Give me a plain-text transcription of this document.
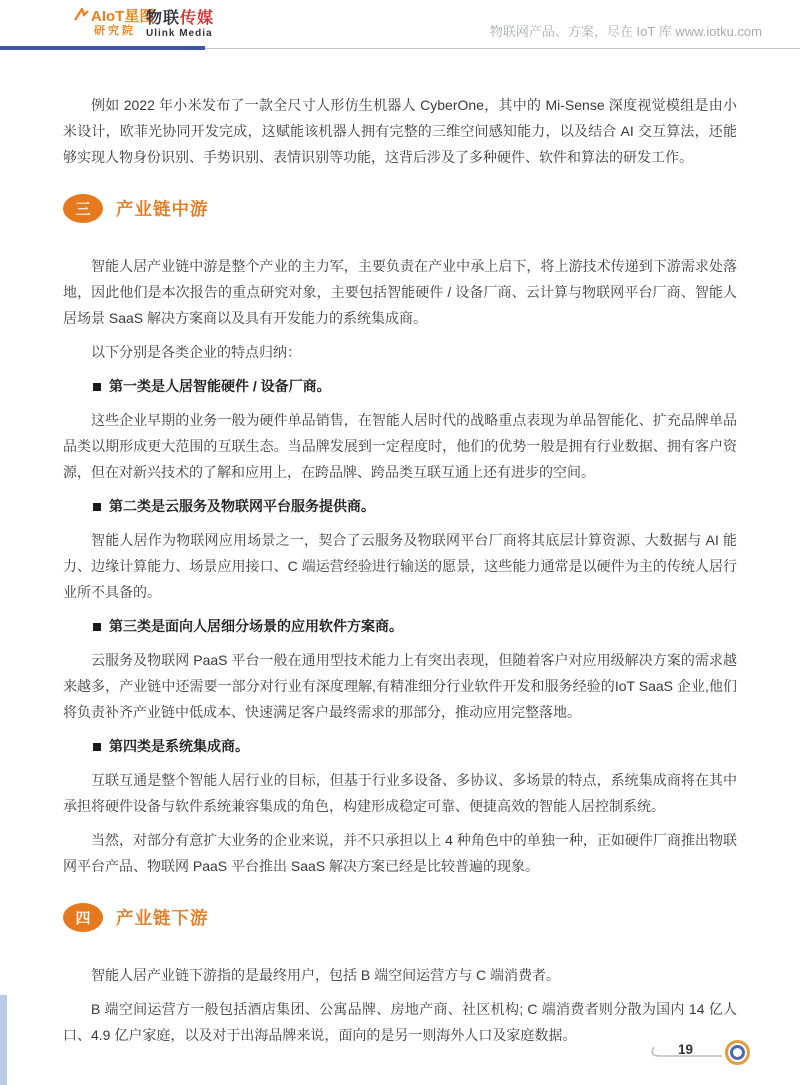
AIoT星图
研究院
物联传媒
Ulink Media	物联网产品、方案，尽在 IoT 库 www.iotku.com

例如 2022 年小米发布了一款全尺寸人形仿生机器人 CyberOne，其中的 Mi-Sense 深度视觉模组是由小米设计，欧菲光协同开发完成，这赋能该机器人拥有完整的三维空间感知能力，以及结合 AI 交互算法，还能够实现人物身份识别、手势识别、表情识别等功能，这背后涉及了多种硬件、软件和算法的研发工作。

三	产业链中游

智能人居产业链中游是整个产业的主力军，主要负责在产业中承上启下，将上游技术传递到下游需求处落地，因此他们是本次报告的重点研究对象，主要包括智能硬件 / 设备厂商、云计算与物联网平台厂商、智能人居场景 SaaS 解决方案商以及具有开发能力的系统集成商。

以下分别是各类企业的特点归纳：

第一类是人居智能硬件 / 设备厂商。

这些企业早期的业务一般为硬件单品销售，在智能人居时代的战略重点表现为单品智能化、扩充品牌单品品类以期形成更大范围的互联生态。当品牌发展到一定程度时，他们的优势一般是拥有行业数据、拥有客户资源，但在对新兴技术的了解和应用上，在跨品牌、跨品类互联互通上还有进步的空间。

第二类是云服务及物联网平台服务提供商。

智能人居作为物联网应用场景之一，契合了云服务及物联网平台厂商将其底层计算资源、大数据与 AI 能力、边缘计算能力、场景应用接口、C 端运营经验进行输送的愿景，这些能力通常是以硬件为主的传统人居行业所不具备的。

第三类是面向人居细分场景的应用软件方案商。

云服务及物联网 PaaS 平台一般在通用型技术能力上有突出表现，但随着客户对应用级解决方案的需求越来越多，产业链中还需要一部分对行业有深度理解,有精准细分行业软件开发和服务经验的IoT SaaS 企业,他们将负责补齐产业链中低成本、快速满足客户最终需求的那部分，推动应用完整落地。

第四类是系统集成商。

互联互通是整个智能人居行业的目标，但基于行业多设备、多协议、多场景的特点，系统集成商将在其中承担将硬件设备与软件系统兼容集成的角色，构建形成稳定可靠、便捷高效的智能人居控制系统。

当然，对部分有意扩大业务的企业来说，并不只承担以上 4 种角色中的单独一种，正如硬件厂商推出物联网平台产品、物联网 PaaS 平台推出 SaaS 解决方案已经是比较普遍的现象。

四	产业链下游

智能人居产业链下游指的是最终用户，包括 B 端空间运营方与 C 端消费者。

B 端空间运营方一般包括酒店集团、公寓品牌、房地产商、社区机构; C 端消费者则分散为国内 14 亿人口、4.9 亿户家庭，以及对于出海品牌来说，面向的是另一则海外人口及家庭数据。

19
